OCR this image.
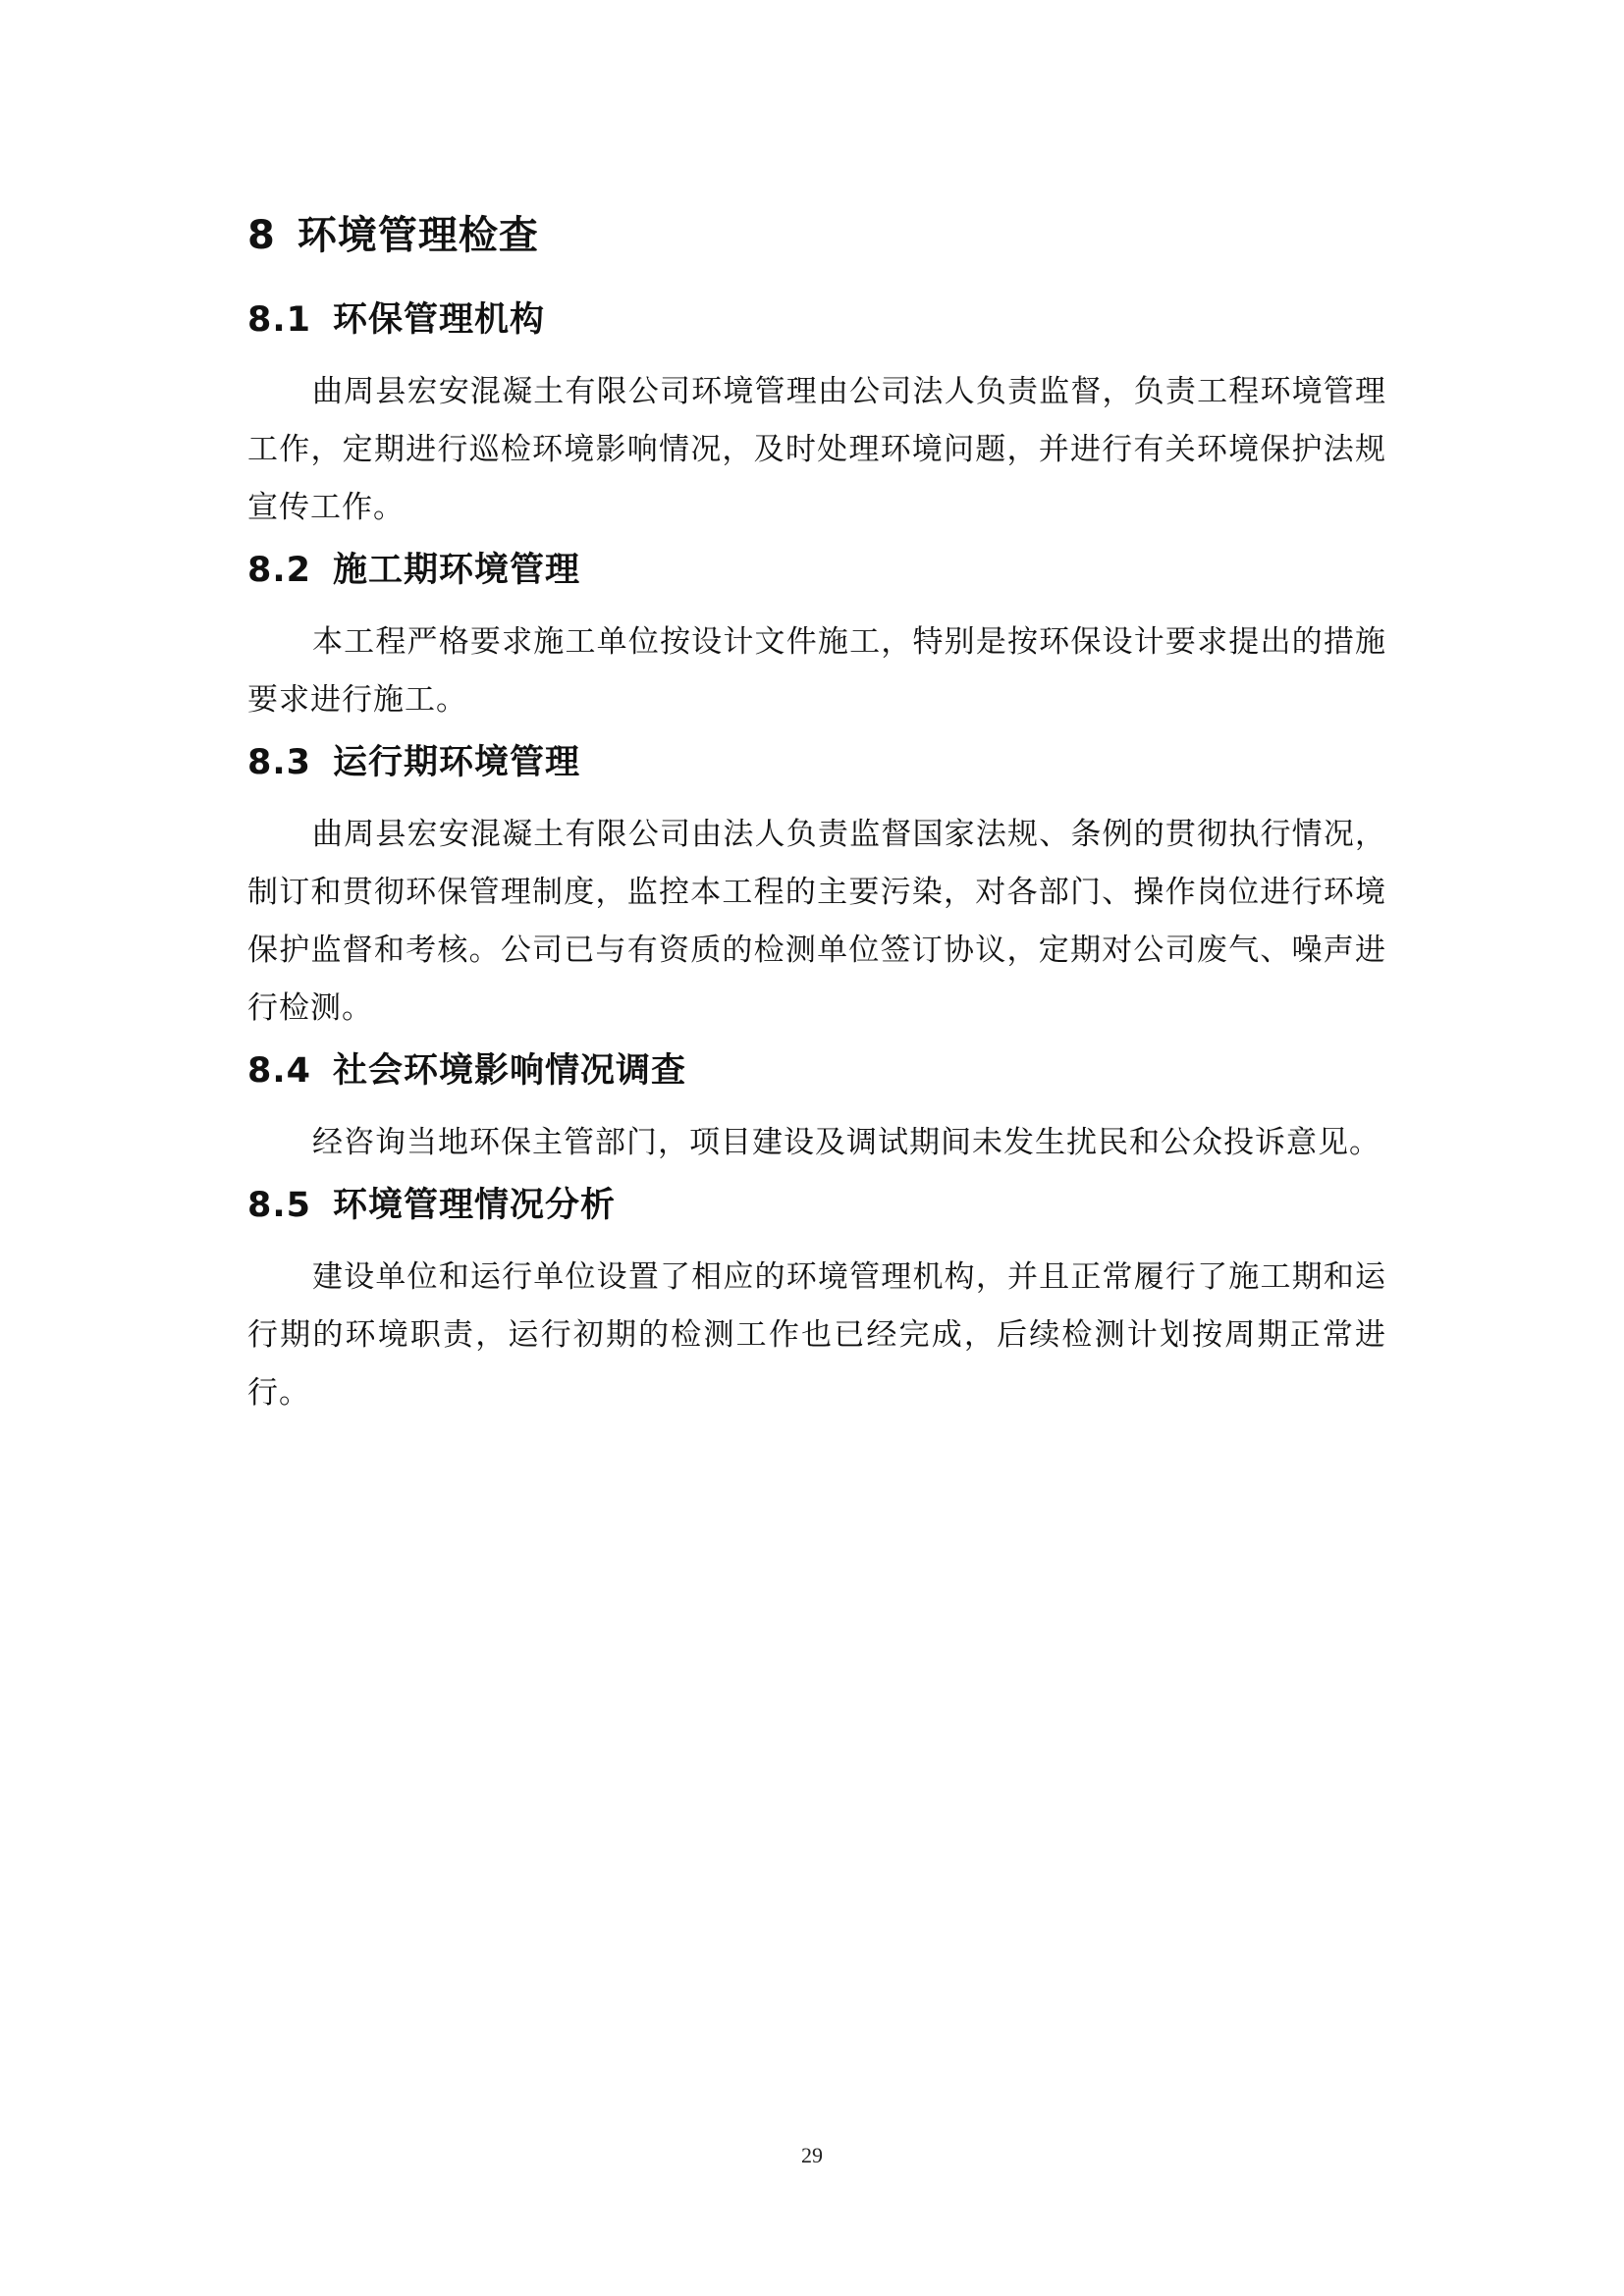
8 环境管理检查
8.1 环保管理机构

曲周县宏安混凝土有限公司环境管理由公司法人负责监督，负责工程环境管理工作，定期进行巡检环境影响情况，及时处理环境问题，并进行有关环境保护法规宣传工作。

8.2 施工期环境管理

本工程严格要求施工单位按设计文件施工，特别是按环保设计要求提出的措施要求进行施工。

8.3 运行期环境管理

曲周县宏安混凝土有限公司由法人负责监督国家法规、条例的贯彻执行情况，制订和贯彻环保管理制度，监控本工程的主要污染，对各部门、操作岗位进行环境保护监督和考核。公司已与有资质的检测单位签订协议，定期对公司废气、噪声进行检测。

8.4 社会环境影响情况调查

经咨询当地环保主管部门，项目建设及调试期间未发生扰民和公众投诉意见。

8.5 环境管理情况分析

建设单位和运行单位设置了相应的环境管理机构，并且正常履行了施工期和运行期的环境职责，运行初期的检测工作也已经完成，后续检测计划按周期正常进行。

29
